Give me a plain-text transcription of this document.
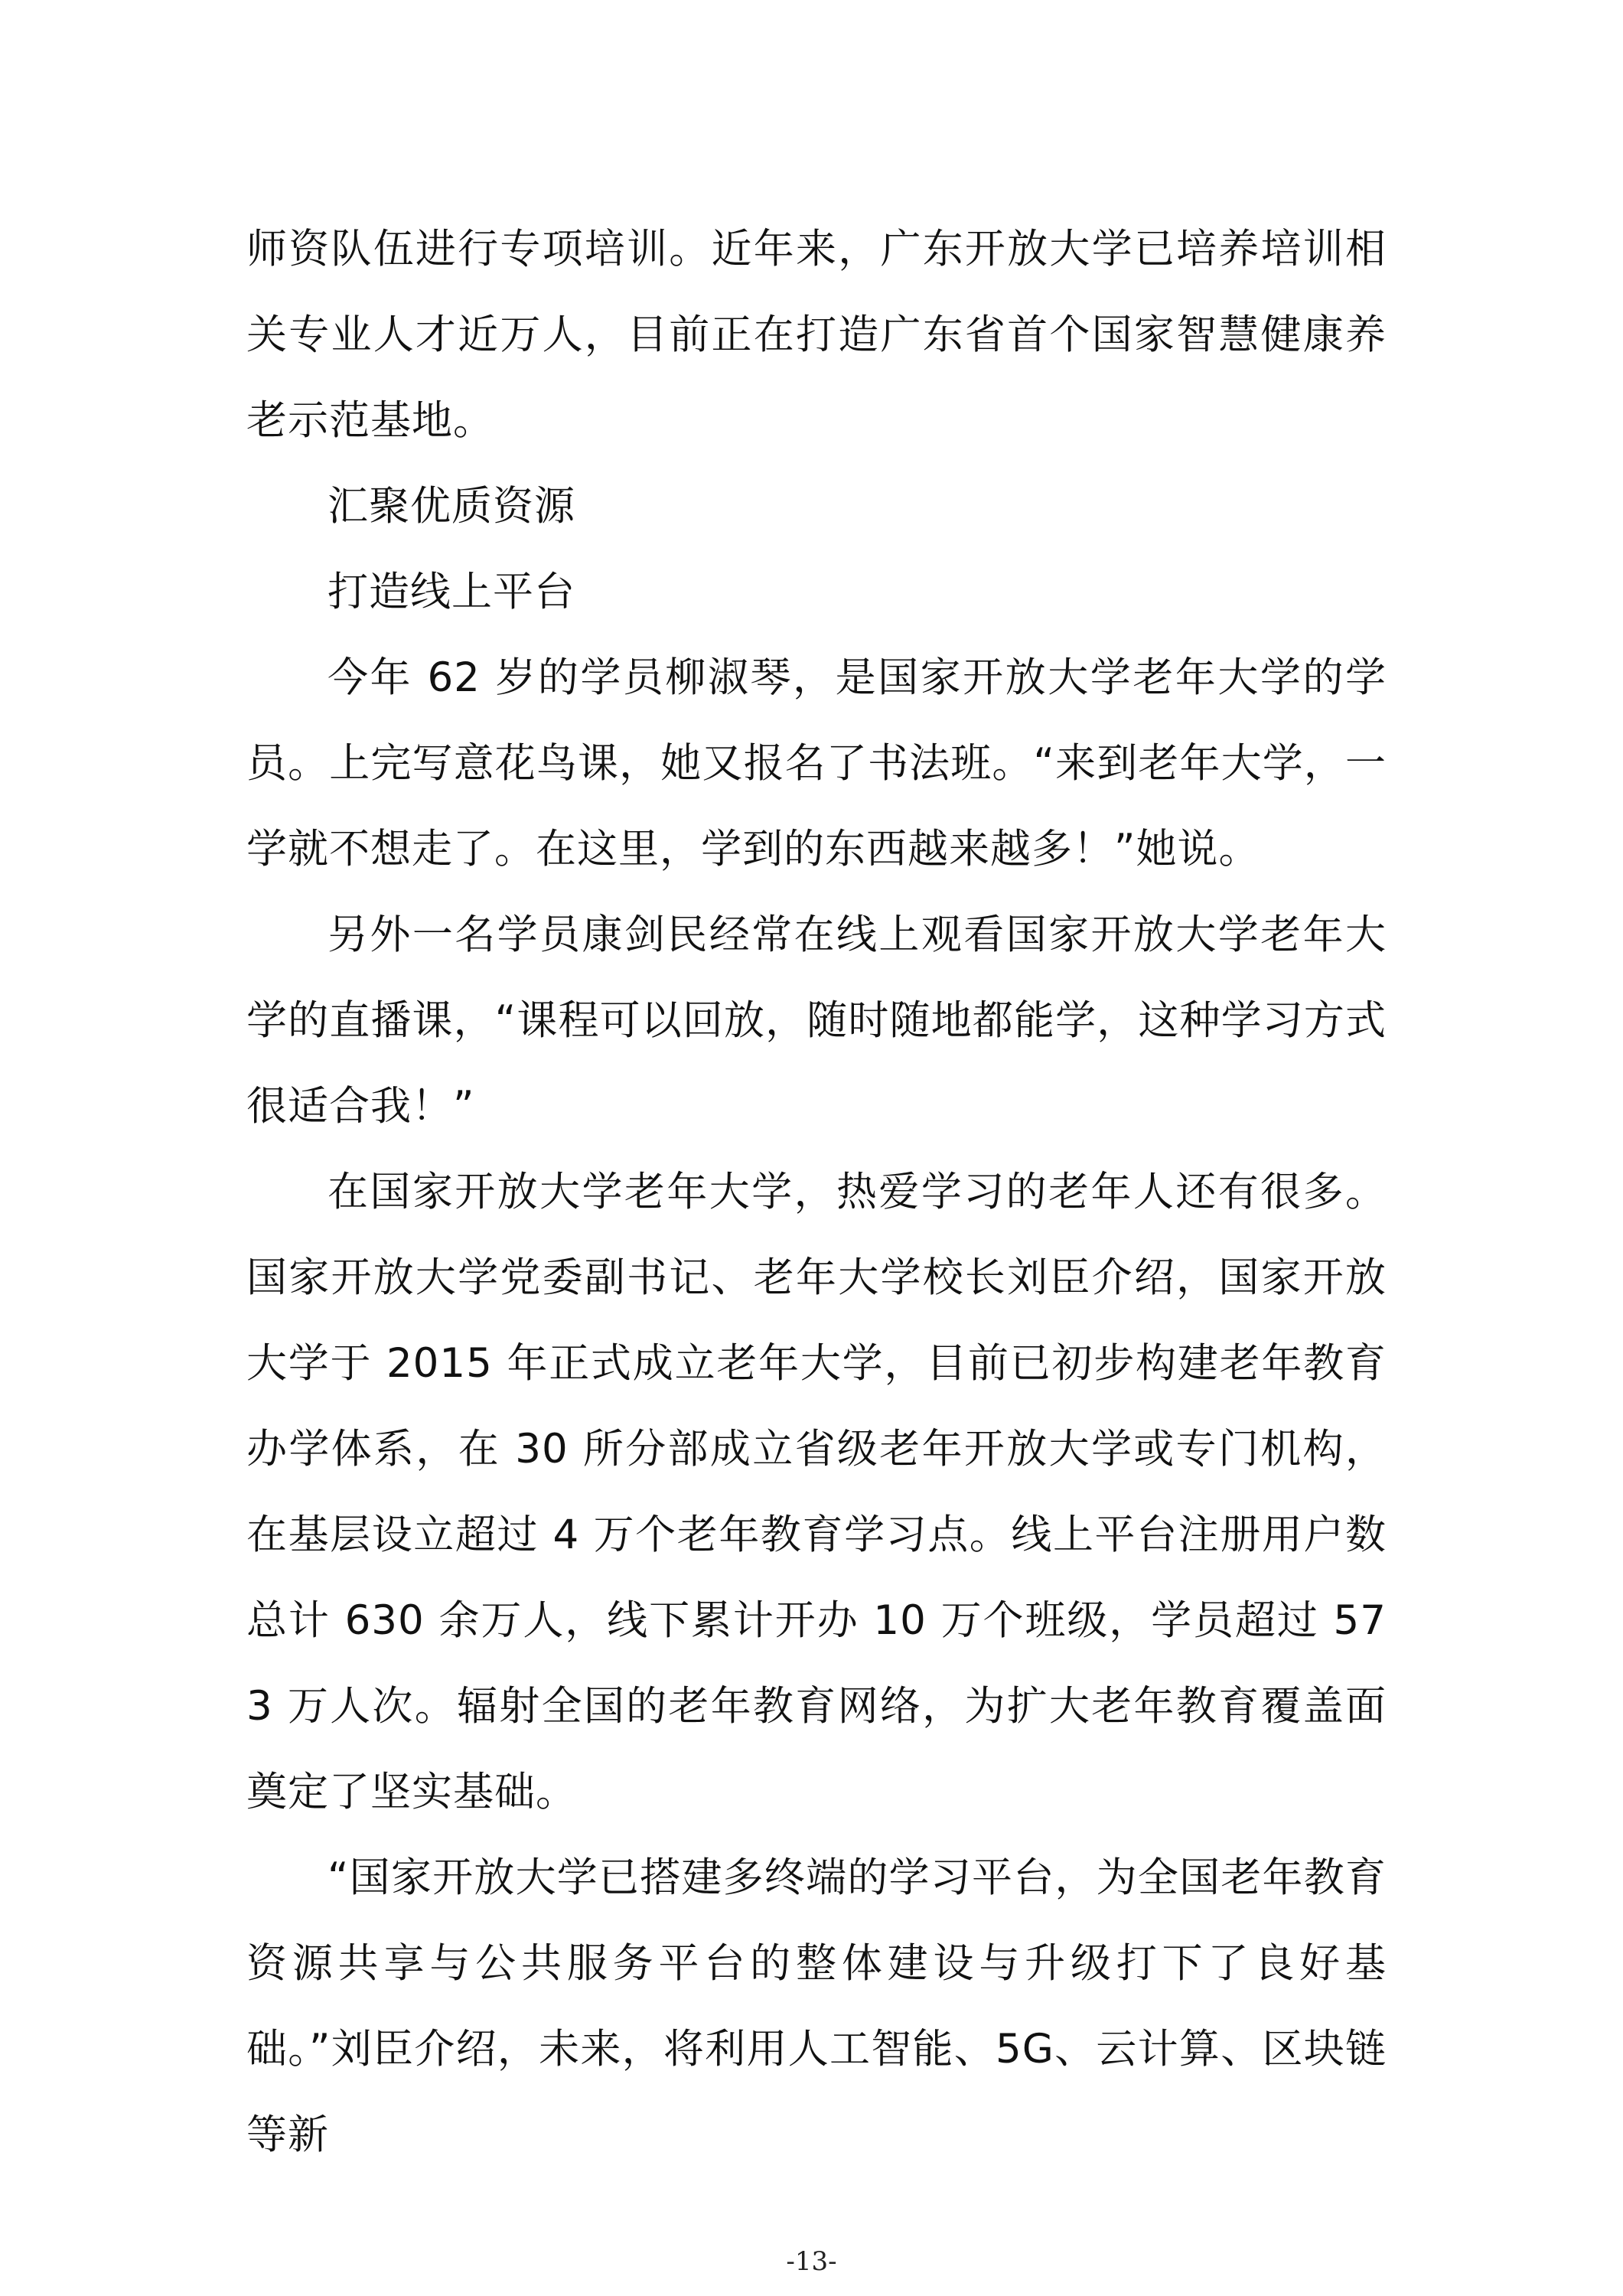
师资队伍进行专项培训。近年来，广东开放大学已培养培训相关专业人才近万人，目前正在打造广东省首个国家智慧健康养老示范基地。

汇聚优质资源

打造线上平台

今年 62 岁的学员柳淑琴，是国家开放大学老年大学的学员。上完写意花鸟课，她又报名了书法班。“来到老年大学，一学就不想走了。在这里，学到的东西越来越多！”她说。

另外一名学员康剑民经常在线上观看国家开放大学老年大学的直播课，“课程可以回放，随时随地都能学，这种学习方式很适合我！”

在国家开放大学老年大学，热爱学习的老年人还有很多。国家开放大学党委副书记、老年大学校长刘臣介绍，国家开放大学于 2015 年正式成立老年大学，目前已初步构建老年教育办学体系，在 30 所分部成立省级老年开放大学或专门机构，在基层设立超过 4 万个老年教育学习点。线上平台注册用户数总计 630 余万人，线下累计开办 10 万个班级，学员超过 573 万人次。辐射全国的老年教育网络，为扩大老年教育覆盖面奠定了坚实基础。

“国家开放大学已搭建多终端的学习平台，为全国老年教育资源共享与公共服务平台的整体建设与升级打下了良好基础。”刘臣介绍，未来，将利用人工智能、5G、云计算、区块链等新

-13-
